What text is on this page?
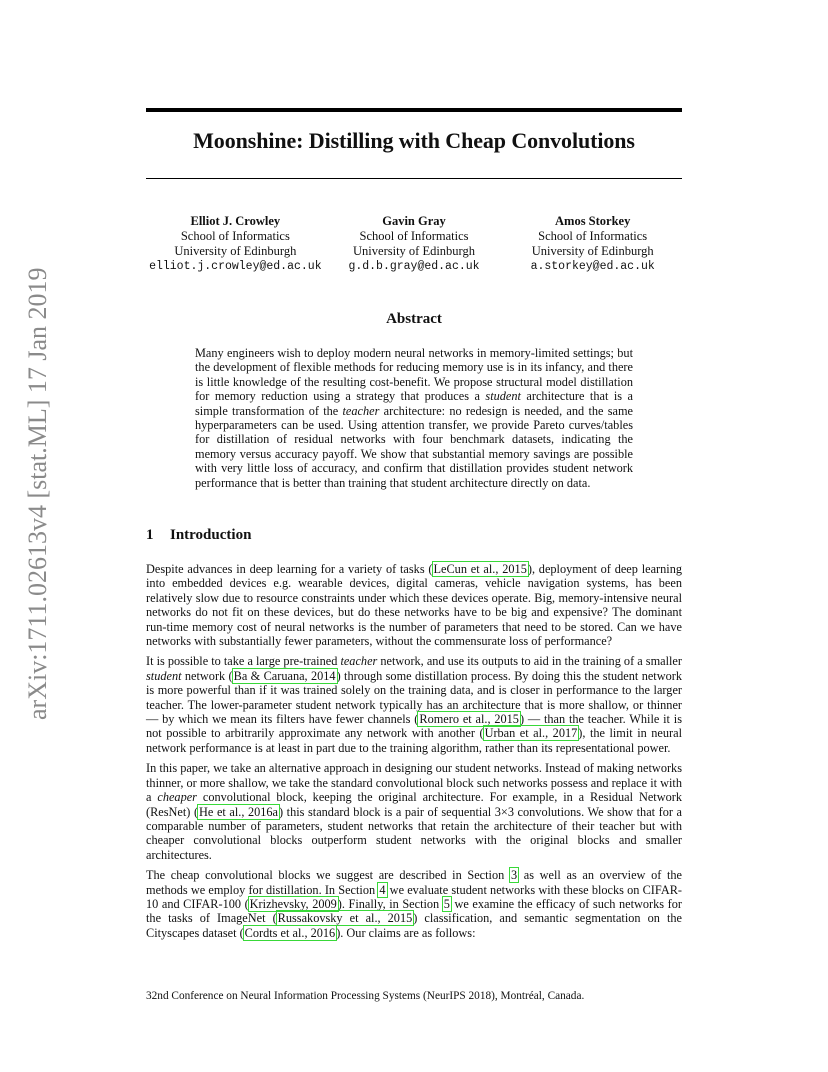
arXiv:1711.02613v4 [stat.ML] 17 Jan 2019
Moonshine: Distilling with Cheap Convolutions
Elliot J. Crowley
School of Informatics
University of Edinburgh
elliot.j.crowley@ed.ac.uk
Gavin Gray
School of Informatics
University of Edinburgh
g.d.b.gray@ed.ac.uk
Amos Storkey
School of Informatics
University of Edinburgh
a.storkey@ed.ac.uk
Abstract
Many engineers wish to deploy modern neural networks in memory-limited settings; but the development of flexible methods for reducing memory use is in its infancy, and there is little knowledge of the resulting cost-benefit. We propose structural model distillation for memory reduction using a strategy that produces a student architecture that is a simple transformation of the teacher architecture: no redesign is needed, and the same hyperparameters can be used. Using attention transfer, we provide Pareto curves/tables for distillation of residual networks with four benchmark datasets, indicating the memory versus accuracy payoff. We show that substantial memory savings are possible with very little loss of accuracy, and confirm that distillation provides student network performance that is better than training that student architecture directly on data.
1 Introduction

Despite advances in deep learning for a variety of tasks (LeCun et al., 2015), deployment of deep learning into embedded devices e.g. wearable devices, digital cameras, vehicle navigation systems, has been relatively slow due to resource constraints under which these devices operate. Big, memory-intensive neural networks do not fit on these devices, but do these networks have to be big and expensive? The dominant run-time memory cost of neural networks is the number of parameters that need to be stored. Can we have networks with substantially fewer parameters, without the commensurate loss of performance?

It is possible to take a large pre-trained teacher network, and use its outputs to aid in the training of a smaller student network (Ba & Caruana, 2014) through some distillation process. By doing this the student network is more powerful than if it was trained solely on the training data, and is closer in performance to the larger teacher. The lower-parameter student network typically has an architecture that is more shallow, or thinner — by which we mean its filters have fewer channels (Romero et al., 2015) — than the teacher. While it is not possible to arbitrarily approximate any network with another (Urban et al., 2017), the limit in neural network performance is at least in part due to the training algorithm, rather than its representational power.

In this paper, we take an alternative approach in designing our student networks. Instead of making networks thinner, or more shallow, we take the standard convolutional block such networks possess and replace it with a cheaper convolutional block, keeping the original architecture. For example, in a Residual Network (ResNet) (He et al., 2016a) this standard block is a pair of sequential 3×3 convolutions. We show that for a comparable number of parameters, student networks that retain the architecture of their teacher but with cheaper convolutional blocks outperform student networks with the original blocks and smaller architectures.

The cheap convolutional blocks we suggest are described in Section 3 as well as an overview of the methods we employ for distillation. In Section 4 we evaluate student networks with these blocks on CIFAR-10 and CIFAR-100 (Krizhevsky, 2009). Finally, in Section 5 we examine the efficacy of such networks for the tasks of ImageNet (Russakovsky et al., 2015) classification, and semantic segmentation on the Cityscapes dataset (Cordts et al., 2016). Our claims are as follows:

32nd Conference on Neural Information Processing Systems (NeurIPS 2018), Montréal, Canada.
